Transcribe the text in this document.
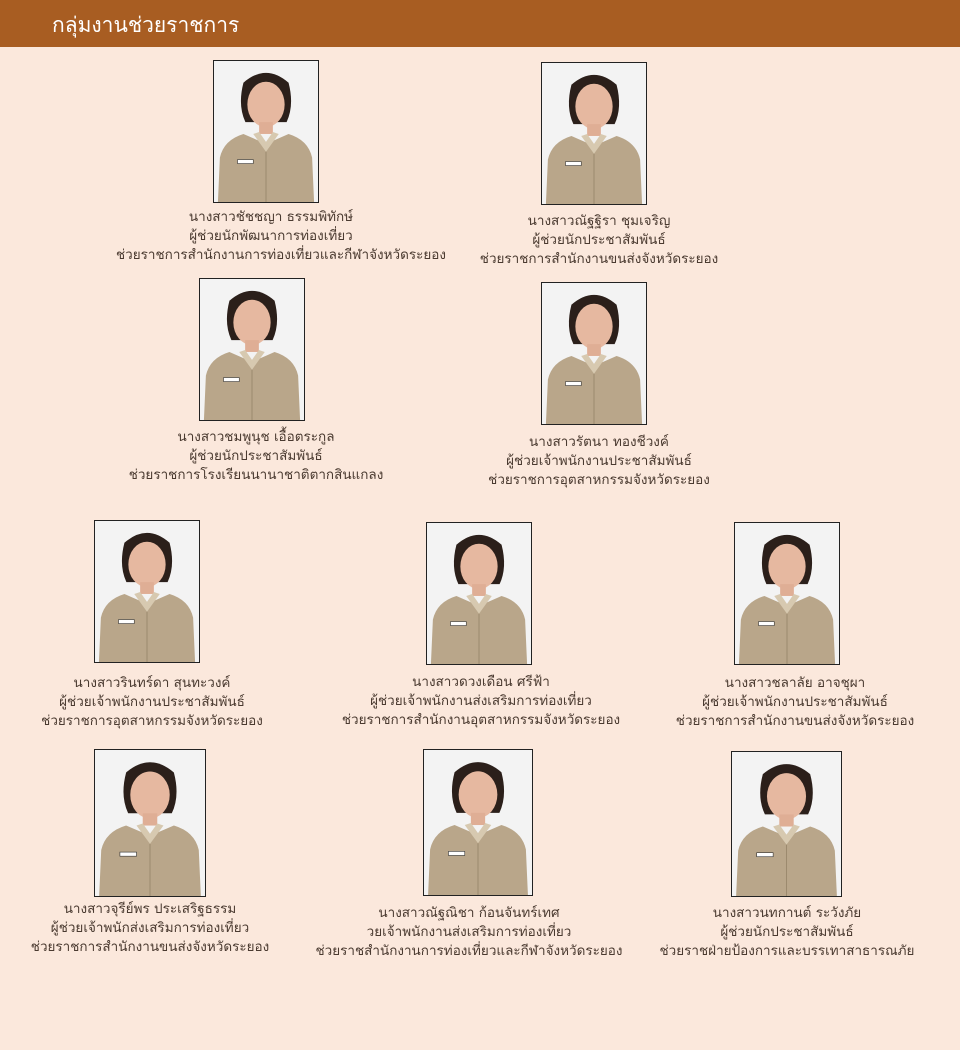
กลุ่มงานช่วยราชการ
นางสาวชัชชญา ธรรมพิทักษ์
ผู้ช่วยนักพัฒนาการท่องเที่ยว
ช่วยราชการสำนักงานการท่องเที่ยวและกีฬาจังหวัดระยอง
นางสาวณัฐฐิรา ชุมเจริญ
ผู้ช่วยนักประชาสัมพันธ์
ช่วยราชการสำนักงานขนส่งจังหวัดระยอง
นางสาวชมพูนุช เอื้อตระกูล
ผู้ช่วยนักประชาสัมพันธ์
ช่วยราชการโรงเรียนนานาชาติตากสินแกลง
นางสาวรัตนา ทองชีวงค์
ผู้ช่วยเจ้าพนักงานประชาสัมพันธ์
ช่วยราชการอุตสาหกรรมจังหวัดระยอง
นางสาวรินทร์ดา สุนทะวงค์
ผู้ช่วยเจ้าพนักงานประชาสัมพันธ์
ช่วยราชการอุตสาหกรรมจังหวัดระยอง
นางสาวดวงเดือน ศรีฟ้า
ผู้ช่วยเจ้าพนักงานส่งเสริมการท่องเที่ยว
ช่วยราชการสำนักงานอุตสาหกรรมจังหวัดระยอง
นางสาวชลาลัย อาจชุผา
ผู้ช่วยเจ้าพนักงานประชาสัมพันธ์
ช่วยราชการสำนักงานขนส่งจังหวัดระยอง
นางสาวจุรีย์พร ประเสริฐธรรม
ผู้ช่วยเจ้าพนักส่งเสริมการท่องเที่ยว
ช่วยราชการสำนักงานขนส่งจังหวัดระยอง
นางสาวณัฐณิชา ก้อนจันทร์เทศ
วยเจ้าพนักงานส่งเสริมการท่องเที่ยว
ช่วยราชสำนักงานการท่องเที่ยวและกีฬาจังหวัดระยอง
นางสาวนทกานต์ ระวังภัย
ผู้ช่วยนักประชาสัมพันธ์
ช่วยราชฝ่ายป้องการและบรรเทาสาธารณภัย
